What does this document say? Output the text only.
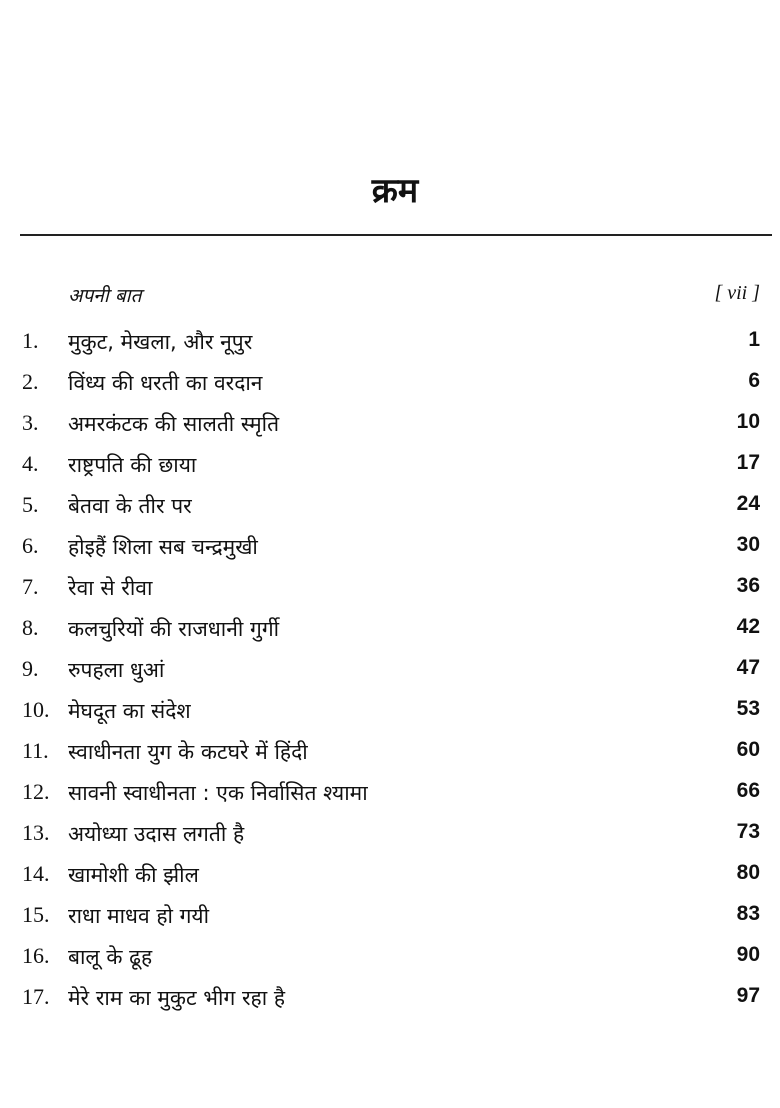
क्रम
अपनी बात	[ vii ]
1.	मुकुट, मेखला, और नूपुर	1
2.	विंध्य की धरती का वरदान	6
3.	अमरकंटक की सालती स्मृति	10
4.	राष्ट्रपति की छाया	17
5.	बेतवा के तीर पर	24
6.	होइहैं शिला सब चन्द्रमुखी	30
7.	रेवा से रीवा	36
8.	कलचुरियों की राजधानी गुर्गी	42
9.	रुपहला धुआं	47
10. मेघदूत का संदेश	53
11. स्वाधीनता युग के कटघरे में हिंदी	60
12. सावनी स्वाधीनता : एक निर्वासित श्यामा	66
13. अयोध्या उदास लगती है	73
14. खामोशी की झील	80
15. राधा माधव हो गयी	83
16. बालू के ढूह	90
17. मेरे राम का मुकुट भीग रहा है	97
